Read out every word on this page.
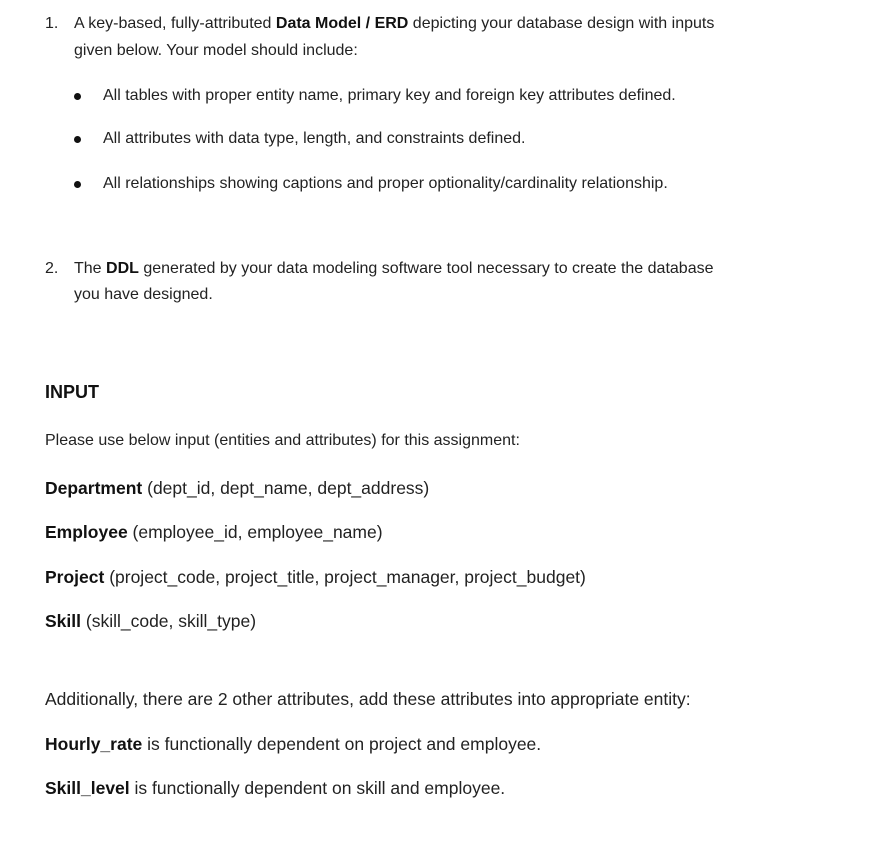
1. A key-based, fully-attributed Data Model / ERD depicting your database design with inputs
given below. Your model should include:
All tables with proper entity name, primary key and foreign key attributes defined.
All attributes with data type, length, and constraints defined.
All relationships showing captions and proper optionality/cardinality relationship.
2. The DDL generated by your data modeling software tool necessary to create the database
you have designed.
INPUT
Please use below input (entities and attributes) for this assignment:
Department (dept_id, dept_name, dept_address)
Employee (employee_id, employee_name)
Project (project_code, project_title, project_manager, project_budget)
Skill (skill_code, skill_type)
Additionally, there are 2 other attributes, add these attributes into appropriate entity:
Hourly_rate is functionally dependent on project and employee.
Skill_level is functionally dependent on skill and employee.
